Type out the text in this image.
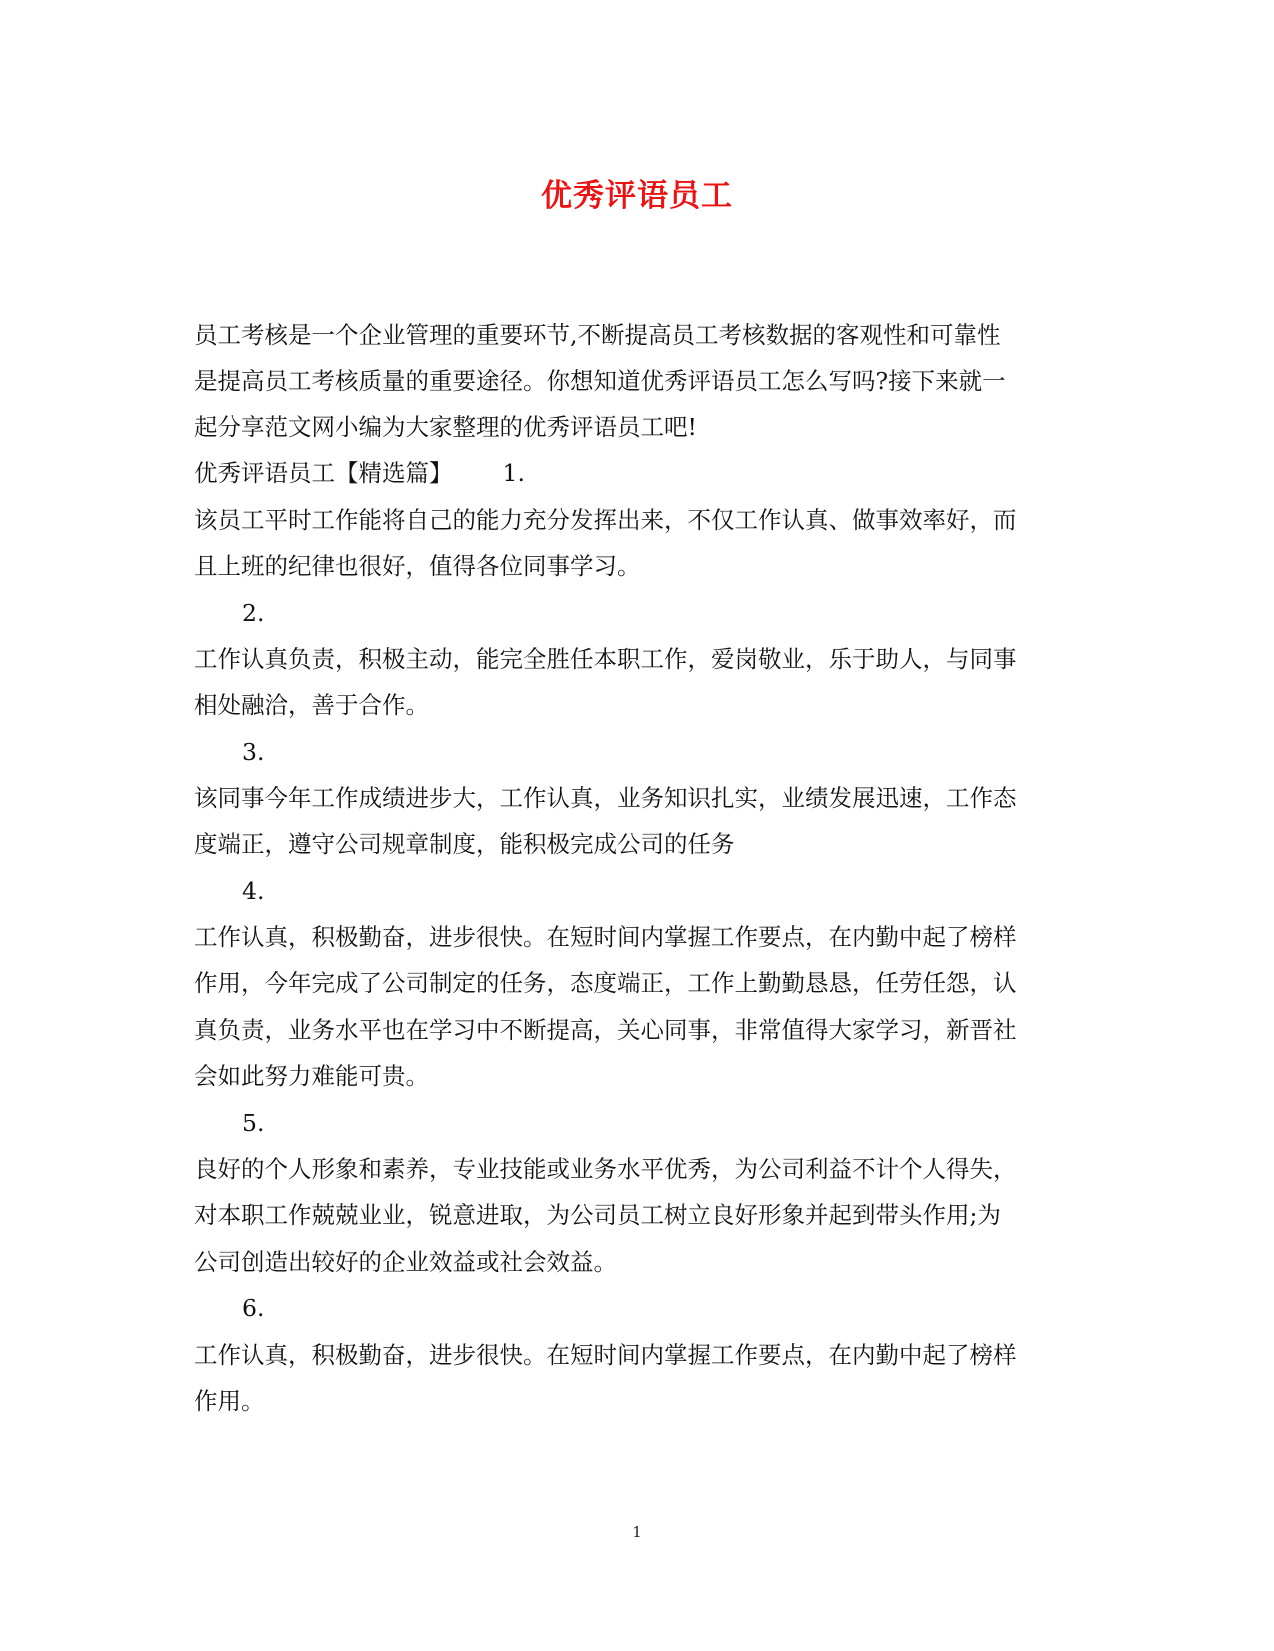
优秀评语员工
员工考核是一个企业管理的重要环节,不断提高员工考核数据的客观性和可靠性
是提高员工考核质量的重要途径。你想知道优秀评语员工怎么写吗?接下来就一
起分享范文网小编为大家整理的优秀评语员工吧!
优秀评语员工【精选篇】 1.
该员工平时工作能将自己的能力充分发挥出来，不仅工作认真、做事效率好，而
且上班的纪律也很好，值得各位同事学习。
2.
工作认真负责，积极主动，能完全胜任本职工作，爱岗敬业，乐于助人，与同事
相处融洽，善于合作。
3.
该同事今年工作成绩进步大，工作认真，业务知识扎实，业绩发展迅速，工作态
度端正，遵守公司规章制度，能积极完成公司的任务
4.
工作认真，积极勤奋，进步很快。在短时间内掌握工作要点，在内勤中起了榜样
作用，今年完成了公司制定的任务，态度端正，工作上勤勤恳恳，任劳任怨，认
真负责，业务水平也在学习中不断提高，关心同事，非常值得大家学习，新晋社
会如此努力难能可贵。
5.
良好的个人形象和素养，专业技能或业务水平优秀，为公司利益不计个人得失，
对本职工作兢兢业业，锐意进取，为公司员工树立良好形象并起到带头作用;为
公司创造出较好的企业效益或社会效益。
6.
工作认真，积极勤奋，进步很快。在短时间内掌握工作要点，在内勤中起了榜样
作用。
1
